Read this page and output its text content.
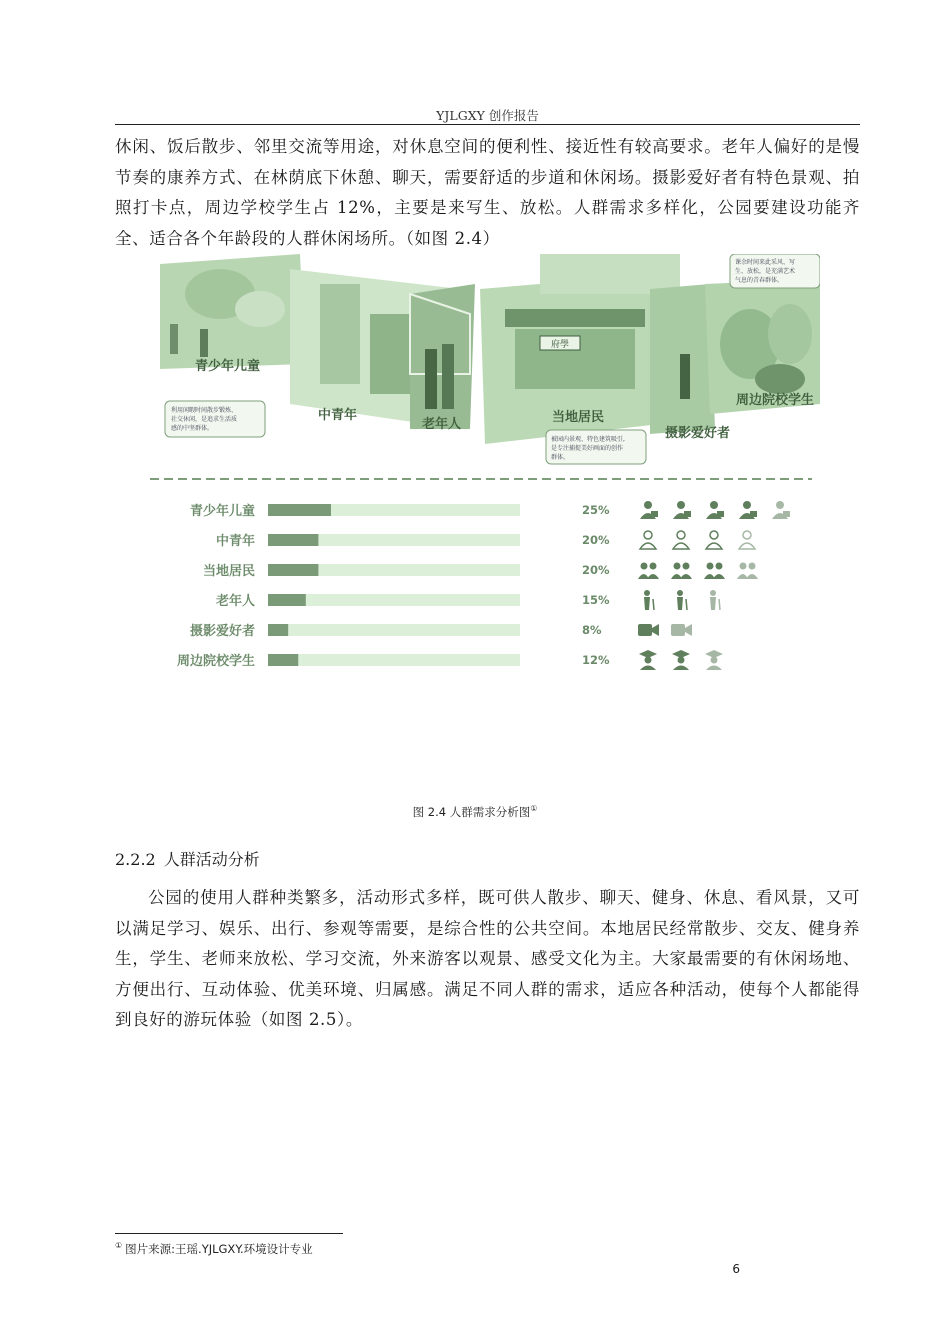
YJLGXY 创作报告
休闲、饭后散步、邻里交流等用途，对休息空间的便利性、接近性有较高要求。老年人偏好的是慢节奏的康养方式、在林荫底下休憩、聊天，需要舒适的步道和休闲场。摄影爱好者有特色景观、拍照打卡点，周边学校学生占 12%，主要是来写生、放松。人群需求多样化，公园要建设功能齐全、适合各个年龄段的人群休闲场所。（如图 2.4）
府學
青少年儿童
中青年
老年人	当地居民
摄影爱好者
周边院校学生
利用闲暇时间散步锻炼、
社交休闲，是追求生活质
感的中坚群体。
被园内景观、特色建筑吸引,
是专注捕捉美好画面的创作
群体。
课余时间来此采风、写
生、放松，是充满艺术
气息的青春群体。
青少年儿童	25%
中青年	20%
当地居民	20%
老年人	15%
摄影爱好者	8%
周边院校学生	12%
图 2.4 人群需求分析图①
2.2.2 人群活动分析
公园的使用人群种类繁多，活动形式多样，既可供人散步、聊天、健身、休息、看风景，又可以满足学习、娱乐、出行、参观等需要，是综合性的公共空间。本地居民经常散步、交友、健身养生，学生、老师来放松、学习交流，外来游客以观景、感受文化为主。大家最需要的有休闲场地、方便出行、互动体验、优美环境、归属感。满足不同人群的需求，适应各种活动，使每个人都能得到良好的游玩体验（如图 2.5）。
① 图片来源:王瑶.YJLGXY.环境设计专业
6
